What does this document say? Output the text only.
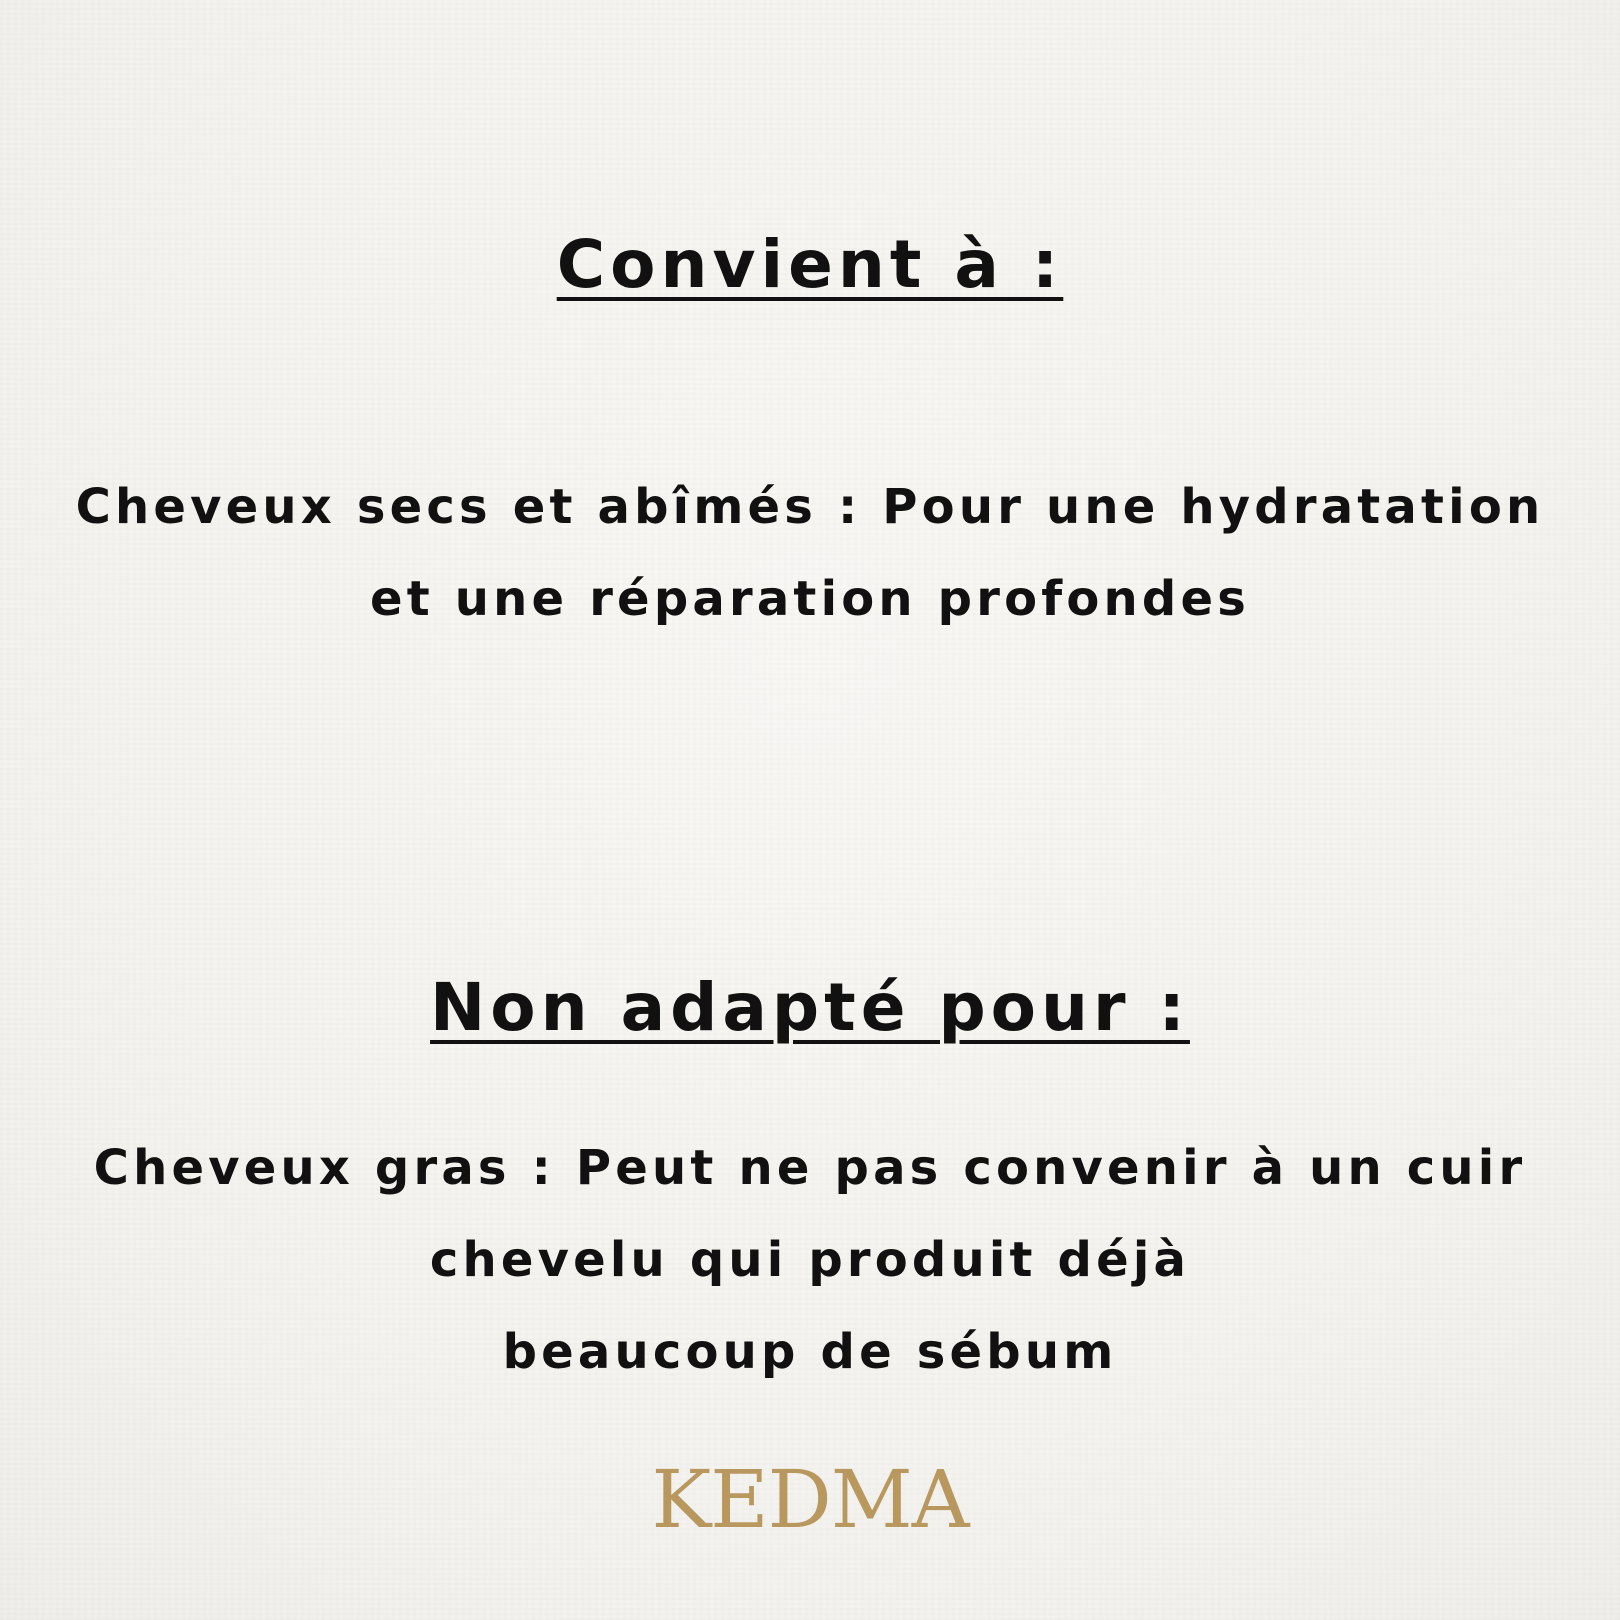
Convient à :

Cheveux secs et abîmés : Pour une hydratation
et une réparation profondes

Non adapté pour :

Cheveux gras : Peut ne pas convenir à un cuir
chevelu qui produit déjà
beaucoup de sébum

KEDMA
